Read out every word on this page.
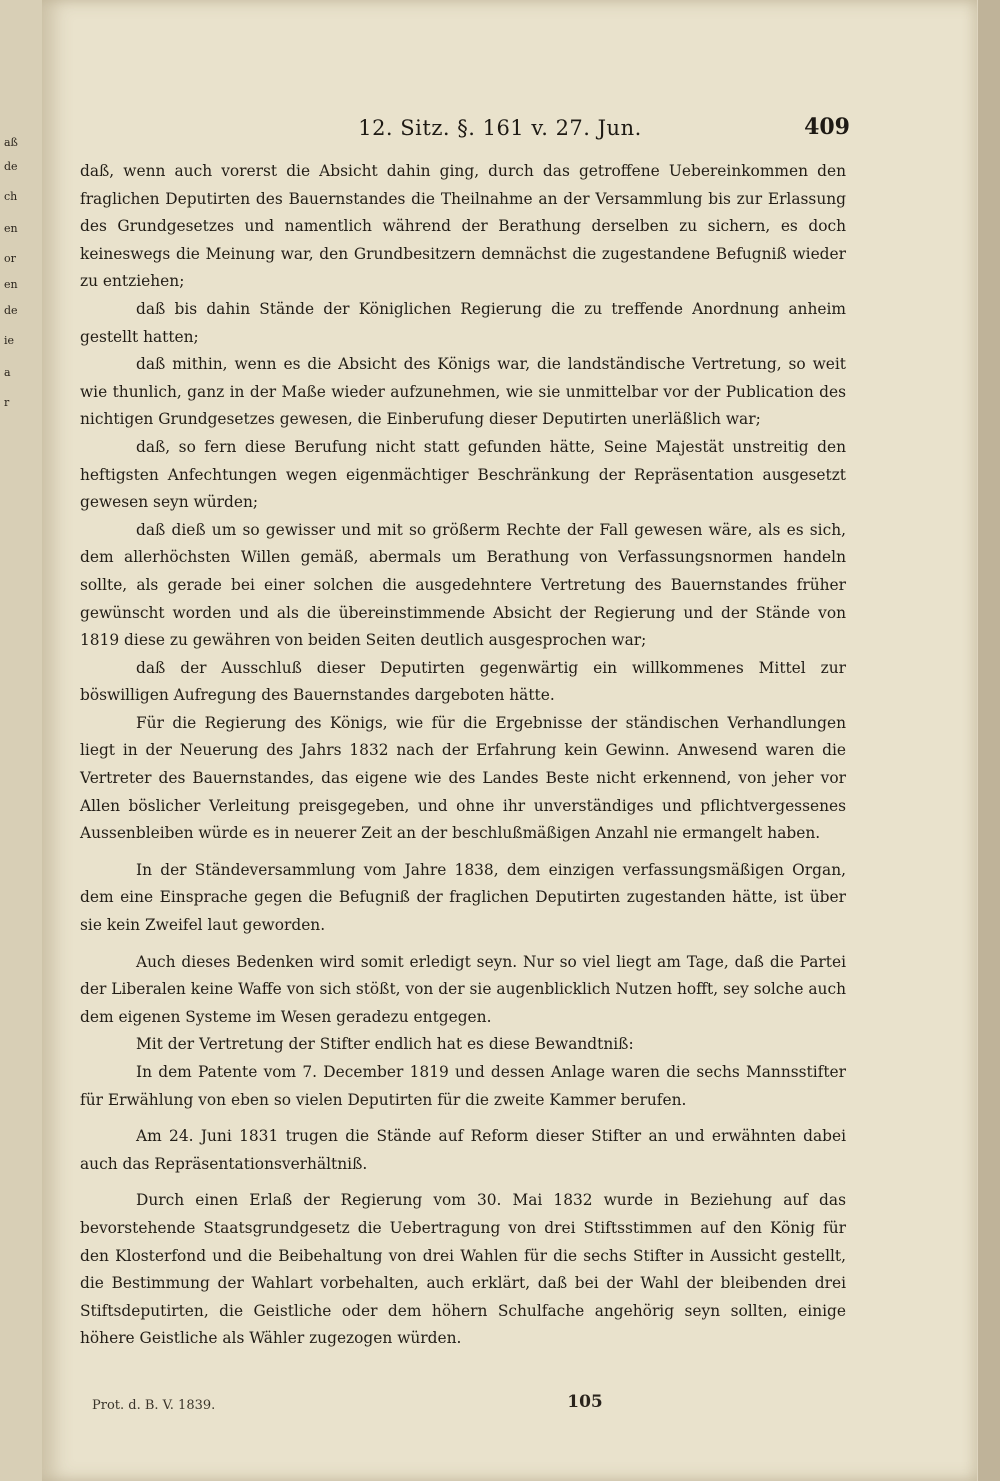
aß
de
ch
en
or
en
de
ie
a
r
12. Sitz. §. 161 v. 27. Jun.	409

daß, wenn auch vorerst die Absicht dahin ging, durch das getroffene Uebereinkommen den fraglichen Deputirten des Bauernstandes die Theilnahme an der Versammlung bis zur Erlassung des Grundgesetzes und namentlich während der Berathung derselben zu sichern, es doch keineswegs die Meinung war, den Grundbesitzern demnächst die zugestandene Befugniß wieder zu entziehen;

daß bis dahin Stände der Königlichen Regierung die zu treffende Anordnung anheim gestellt hatten;

daß mithin, wenn es die Absicht des Königs war, die landständische Vertretung, so weit wie thunlich, ganz in der Maße wieder aufzunehmen, wie sie unmittelbar vor der Publication des nichtigen Grundgesetzes gewesen, die Einberufung dieser Deputirten unerläßlich war;

daß, so fern diese Berufung nicht statt gefunden hätte, Seine Majestät unstreitig den heftigsten Anfechtungen wegen eigenmächtiger Beschränkung der Repräsentation ausgesetzt gewesen seyn würden;

daß dieß um so gewisser und mit so größerm Rechte der Fall gewesen wäre, als es sich, dem allerhöchsten Willen gemäß, abermals um Berathung von Verfassungsnormen handeln sollte, als gerade bei einer solchen die ausgedehntere Vertretung des Bauernstandes früher gewünscht worden und als die übereinstimmende Absicht der Regierung und der Stände von 1819 diese zu gewähren von beiden Seiten deutlich ausgesprochen war;

daß der Ausschluß dieser Deputirten gegenwärtig ein willkommenes Mittel zur böswilligen Aufregung des Bauernstandes dargeboten hätte.

Für die Regierung des Königs, wie für die Ergebnisse der ständischen Verhandlungen liegt in der Neuerung des Jahrs 1832 nach der Erfahrung kein Gewinn. Anwesend waren die Vertreter des Bauernstandes, das eigene wie des Landes Beste nicht erkennend, von jeher vor Allen böslicher Verleitung preisgegeben, und ohne ihr unverständiges und pflichtvergessenes Aussenbleiben würde es in neuerer Zeit an der beschlußmäßigen Anzahl nie ermangelt haben.

In der Ständeversammlung vom Jahre 1838, dem einzigen verfassungsmäßigen Organ, dem eine Einsprache gegen die Befugniß der fraglichen Deputirten zugestanden hätte, ist über sie kein Zweifel laut geworden.

Auch dieses Bedenken wird somit erledigt seyn. Nur so viel liegt am Tage, daß die Partei der Liberalen keine Waffe von sich stößt, von der sie augenblicklich Nutzen hofft, sey solche auch dem eigenen Systeme im Wesen geradezu entgegen.

Mit der Vertretung der Stifter endlich hat es diese Bewandtniß:

In dem Patente vom 7. December 1819 und dessen Anlage waren die sechs Mannsstifter für Erwählung von eben so vielen Deputirten für die zweite Kammer berufen.

Am 24. Juni 1831 trugen die Stände auf Reform dieser Stifter an und erwähnten dabei auch das Repräsentationsverhältniß.

Durch einen Erlaß der Regierung vom 30. Mai 1832 wurde in Beziehung auf das bevorstehende Staatsgrundgesetz die Uebertragung von drei Stiftsstimmen auf den König für den Klosterfond und die Beibehaltung von drei Wahlen für die sechs Stifter in Aussicht gestellt, die Bestimmung der Wahlart vorbehalten, auch erklärt, daß bei der Wahl der bleibenden drei Stiftsdeputirten, die Geistliche oder dem höhern Schulfache angehörig seyn sollten, einige höhere Geistliche als Wähler zugezogen würden.

Prot. d. B. V. 1839.	105
